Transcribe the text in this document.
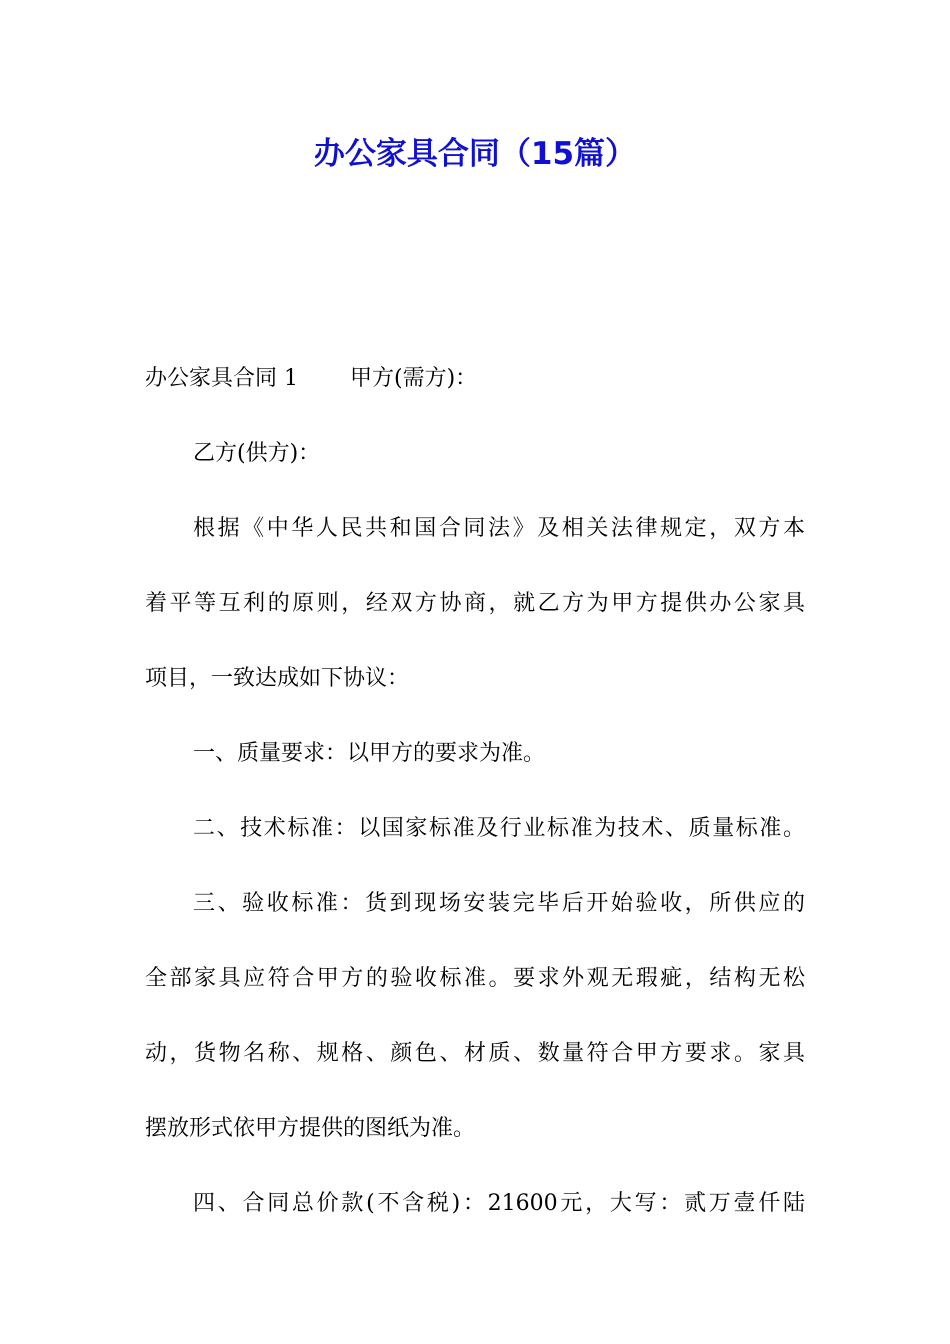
办公家具合同（15篇）
办公家具合同 1 甲方(需方)：
乙方(供方)：
根据《中华人民共和国合同法》及相关法律规定，双方本
着平等互利的原则，经双方协商，就乙方为甲方提供办公家具
项目，一致达成如下协议：
一、质量要求：以甲方的要求为准。
二、技术标准：以国家标准及行业标准为技术、质量标准。
三、验收标准：货到现场安装完毕后开始验收，所供应的
全部家具应符合甲方的验收标准。要求外观无瑕疵，结构无松
动，货物名称、规格、颜色、材质、数量符合甲方要求。家具
摆放形式依甲方提供的图纸为准。
四、合同总价款(不含税)：21600元，大写：贰万壹仟陆
